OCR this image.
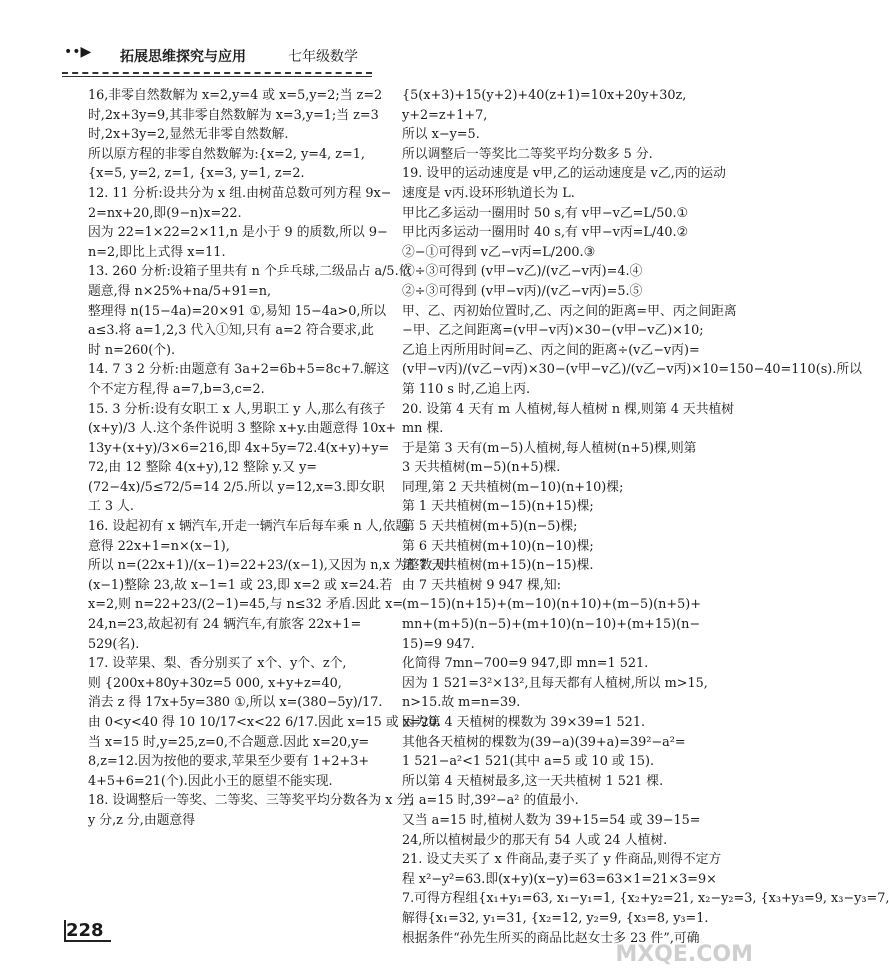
••▶ 拓展思维探究与应用	七年级数学
16,非零自然数解为 x=2,y=4 或 x=5,y=2;当 z=2
时,2x+3y=9,其非零自然数解为 x=3,y=1;当 z=3
时,2x+3y=2,显然无非零自然数解.
所以原方程的非零自然数解为:{x=2, y=4, z=1,
{x=5, y=2, z=1, {x=3, y=1, z=2.
12. 11 分析:设共分为 x 组.由树苗总数可列方程 9x−
2=nx+20,即(9−n)x=22.
因为 22=1×22=2×11,n 是小于 9 的质数,所以 9−
n=2,即比上式得 x=11.
13. 260 分析:设箱子里共有 n 个乒乓球,二级品占 a/5.依
题意,得 n×25%+na/5+91=n,
整理得 n(15−4a)=20×91 ①,易知 15−4a>0,所以
a≤3.将 a=1,2,3 代入①知,只有 a=2 符合要求,此
时 n=260(个).
14. 7 3 2 分析:由题意有 3a+2=6b+5=8c+7.解这
个不定方程,得 a=7,b=3,c=2.
15. 3 分析:设有女职工 x 人,男职工 y 人,那么有孩子
(x+y)/3 人.这个条件说明 3 整除 x+y.由题意得 10x+
13y+(x+y)/3×6=216,即 4x+5y=72.4(x+y)+y=
72,由 12 整除 4(x+y),12 整除 y.又 y=
(72−4x)/5≤72/5=14 2/5.所以 y=12,x=3.即女职
工 3 人.
16. 设起初有 x 辆汽车,开走一辆汽车后每车乘 n 人,依题
意得 22x+1=n×(x−1),
所以 n=(22x+1)/(x−1)=22+23/(x−1),又因为 n,x 为整数,则
(x−1)整除 23,故 x−1=1 或 23,即 x=2 或 x=24.若
x=2,则 n=22+23/(2−1)=45,与 n≤32 矛盾.因此 x=
24,n=23,故起初有 24 辆汽车,有旅客 22x+1=
529(名).
17. 设苹果、梨、香分别买了 x个、y个、z个,
则 {200x+80y+30z=5 000, x+y+z=40,
消去 z 得 17x+5y=380 ①,所以 x=(380−5y)/17.
由 0<y<40 得 10 10/17<x<22 6/17.因此 x=15 或 x=20.
当 x=15 时,y=25,z=0,不合题意.因此 x=20,y=
8,z=12.因为按他的要求,苹果至少要有 1+2+3+
4+5+6=21(个).因此小王的愿望不能实现.
18. 设调整后一等奖、二等奖、三等奖平均分数各为 x 分,
y 分,z 分,由题意得
{5(x+3)+15(y+2)+40(z+1)=10x+20y+30z,
y+2=z+1+7,
所以 x−y=5.
所以调整后一等奖比二等奖平均分数多 5 分.
19. 设甲的运动速度是 v甲,乙的运动速度是 v乙,丙的运动
速度是 v丙.设环形轨道长为 L.
甲比乙多运动一圈用时 50 s,有 v甲−v乙=L/50.①
甲比丙多运动一圈用时 40 s,有 v甲−v丙=L/40.②
②−①可得到 v乙−v丙=L/200.③
①÷③可得到 (v甲−v乙)/(v乙−v丙)=4.④
②÷③可得到 (v甲−v丙)/(v乙−v丙)=5.⑤
甲、乙、丙初始位置时,乙、丙之间的距离=甲、丙之间距离
−甲、乙之间距离=(v甲−v丙)×30−(v甲−v乙)×10;
乙追上丙所用时间=乙、丙之间的距离÷(v乙−v丙)=
(v甲−v丙)/(v乙−v丙)×30−(v甲−v乙)/(v乙−v丙)×10=150−40=110(s).所以
第 110 s 时,乙追上丙.
20. 设第 4 天有 m 人植树,每人植树 n 棵,则第 4 天共植树
mn 棵.
于是第 3 天有(m−5)人植树,每人植树(n+5)棵,则第
3 天共植树(m−5)(n+5)棵.
同理,第 2 天共植树(m−10)(n+10)棵;
第 1 天共植树(m−15)(n+15)棵;
第 5 天共植树(m+5)(n−5)棵;
第 6 天共植树(m+10)(n−10)棵;
第 7 天共植树(m+15)(n−15)棵.
由 7 天共植树 9 947 棵,知:
(m−15)(n+15)+(m−10)(n+10)+(m−5)(n+5)+
mn+(m+5)(n−5)+(m+10)(n−10)+(m+15)(n−
15)=9 947.
化简得 7mn−700=9 947,即 mn=1 521.
因为 1 521=3²×13²,且每天都有人植树,所以 m>15,
n>15.故 m=n=39.
因为第 4 天植树的棵数为 39×39=1 521.
其他各天植树的棵数为(39−a)(39+a)=39²−a²=
1 521−a²<1 521(其中 a=5 或 10 或 15).
所以第 4 天植树最多,这一天共植树 1 521 棵.
当 a=15 时,39²−a² 的值最小.
又当 a=15 时,植树人数为 39+15=54 或 39−15=
24,所以植树最少的那天有 54 人或 24 人植树.
21. 设丈夫买了 x 件商品,妻子买了 y 件商品,则得不定方
程 x²−y²=63.即(x+y)(x−y)=63=63×1=21×3=9×
7.可得方程组{x₁+y₁=63, x₁−y₁=1, {x₂+y₂=21, x₂−y₂=3, {x₃+y₃=9, x₃−y₃=7,
解得{x₁=32, y₁=31, {x₂=12, y₂=9, {x₃=8, y₃=1.
根据条件“孙先生所买的商品比赵女士多 23 件”,可确
228
MXQE.COM
